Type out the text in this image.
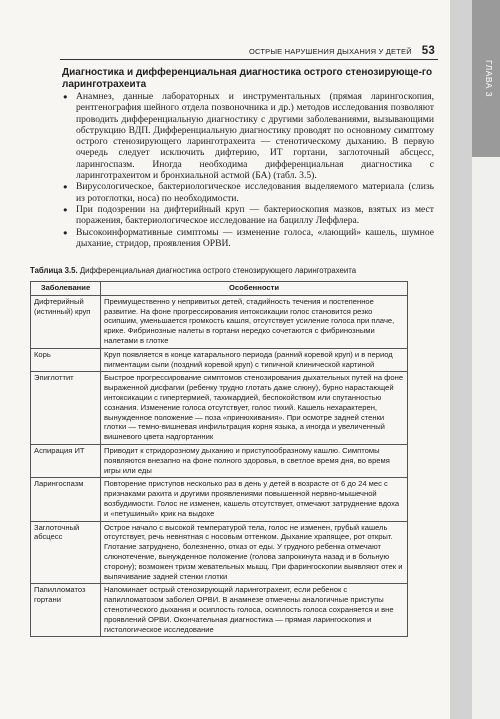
ГЛАВА 3
ОСТРЫЕ НАРУШЕНИЯ ДЫХАНИЯ У ДЕТЕЙ 53
Диагностика и дифференциальная диагностика острого стенозирующе-го ларинготрахеита
● Анамнез, данные лабораторных и инструментальных (прямая ларингоскопия, рентгенография шейного отдела позвоночника и др.) методов исследования позволяют проводить дифференциальную диагностику с другими заболеваниями, вызывающими обструкцию ВДП. Дифференциальную диагностику проводят по основному симптому острого стенозирующего ларинготрахеита — стенотическому дыханию. В первую очередь следует исключить дифтерию, ИТ гортани, заглоточный абсцесс, ларингоспазм. Иногда необходима дифференциальная диагностика с ларинготрахеитом и бронхиальной астмой (БА) (табл. 3.5).
● Вирусологическое, бактериологическое исследования выделяемого материала (слизь из ротоглотки, носа) по необходимости.
● При подозрении на дифтерийный круп — бактериоскопия мазков, взятых из мест поражения, бактериологическое исследование на бациллу Леффлера.
● Высокоинформативные симптомы — изменение голоса, «лающий» кашель, шумное дыхание, стридор, проявления ОРВИ.
Таблица 3.5. Дифференциальная диагностика острого стенозирующего ларинготрахеита
Заболевание	Особенности
Дифтерийный (истинный) круп	Преимущественно у непривитых детей, стадийность течения и постепенное развитие. На фоне прогрессирования интоксикации голос становится резко осипшим, уменьшается громкость кашля, отсутствует усиление голоса при плаче, крике. Фибринозные налеты в гортани нередко сочетаются с фибринозными налетами в глотке
Корь	Круп появляется в конце катарального периода (ранний коревой круп) и в период пигментации сыпи (поздний коревой круп) с типичной клинической картиной
Эпиглоттит	Быстрое прогрессирование симптомов стенозирования дыхательных путей на фоне выраженной дисфагии (ребенку трудно глотать даже слюну), бурно нарастающей интоксикации с гипертермией, тахикардией, беспокойством или спутанностью сознания. Изменение голоса отсутствует, голос тихий. Кашель нехарактерен, вынужденное положение — поза «принюхивания». При осмотре задней стенки глотки — темно-вишневая инфильтрация корня языка, а иногда и увеличенный вишневого цвета надгортанник
Аспирация ИТ	Приводит к стридорозному дыханию и приступообразному кашлю. Симптомы появляются внезапно на фоне полного здоровья, в светлое время дня, во время игры или еды
Ларингоспазм	Повторение приступов несколько раз в день у детей в возрасте от 6 до 24 мес с признаками рахита и другими проявлениями повышенной нервно-мышечной возбудимости. Голос не изменен, кашель отсутствует, отмечают затруднение вдоха и «петушиный» крик на выдохе
Заглоточный абсцесс	Острое начало с высокой температурой тела, голос не изменен, грубый кашель отсутствует, речь невнятная с носовым оттенком. Дыхание храпящее, рот открыт. Глотание затруднено, болезненно, отказ от еды. У грудного ребенка отмечают слюнотечение, вынужденное положение (голова запрокинута назад и в больную сторону); возможен тризм жевательных мышц. При фарингоскопии выявляют отек и выпячивание задней стенки глотки
Папилломатоз гортани	Напоминает острый стенозирующий ларинготрахеит, если ребенок с папилломатозом заболел ОРВИ. В анамнезе отмечены аналогичные приступы стенотического дыхания и осиплость голоса, осиплость голоса сохраняется и вне проявлений ОРВИ. Окончательная диагностика — прямая ларингоскопия и гистологическое исследование
